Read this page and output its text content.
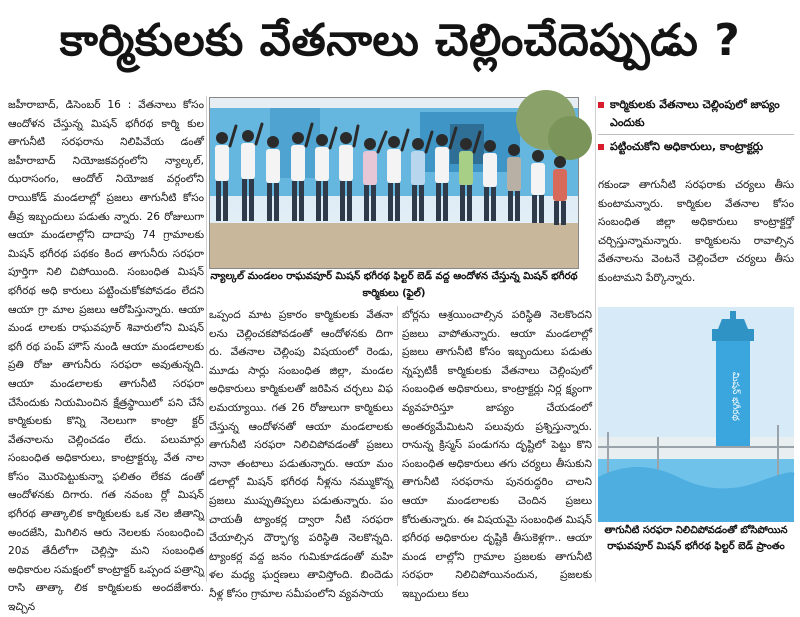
కార్మికులకు వేతనాలు చెల్లించేదెప్పుడు ?
జహీరాబాద్, డిసెంబర్ 16 : వేతనాలు కోసం ఆందోళన చేస్తున్న మిషన్ భగీరథ కార్మి కుల తాగునీటి సరఫరాను నిలిపివేయ డంతో జహీరాబాద్ నియోజకవర్గంలోని న్యాల్కల్, ఝరాసంగం, ఆందోల్ నియోజక వర్గంలోని రాయికోడ్ మండలాల్లో ప్రజలు తాగునీటి కోసం తీవ్ర ఇబ్బందులు పడుతు న్నారు. 26 రోజులుగా ఆయా మండలాల్లోని దాదాపు 74 గ్రామాలకు మిషన్ భగీరథ పథకం కింద తాగునీరు సరఫరా పూర్తిగా నిలి చిపోయింది. సంబంధిత మిషన్ భగీరథ అధి కారులు పట్టించుకోకపోవడం లేదని ఆయా గ్రా మాల ప్రజలు ఆరోపిస్తున్నారు. ఆయా మండ లాలకు రాఘవపూర్ శివారులోని మిషన్ భగీ రథ పంప్ హౌస్ నుండి ఆయా మండలాలకు ప్రతి రోజు తాగునీరు సరఫరా అవుతున్నది. ఆయా మండలాలకు తాగునీటి సరఫరా చేసేందుకు నియమించిన క్షేత్రస్థాయిలో పని చేసే కార్మికులకు కొన్ని నెలలుగా కాంట్రా క్టర్ వేతనాలను చెల్లించడం లేదు. పలుమార్లు సంబంధిత అధికారులు, కాంట్రాక్టర్కు వేత నాల కోసం మొరపెట్టుకున్నా ఫలితం లేకవ డంతో ఆందోళనకు దిగారు. గత నవంబ ర్లో మిషన్ భగీరథ తాత్కాలిక కార్మికులకు ఒక నెల జీతాన్ని అందజేసి, మిగిలిన ఆరు నెలలకు సంబంధించి 20వ తేదీలోగా చెల్లిస్తా మని సంబంధిత అధికారుల సమక్షంలో కాంట్రాక్టర్ ఒప్పంద పత్రాన్ని రాసి తాత్కా లిక కార్మికులకు అందజేశారు. ఇచ్చిన
న్యాల్కల్ మండలం రాఘవపూర్ మిషన్ భగీరథ ఫిల్టర్ బెడ్ వద్ద ఆందోళన చేస్తున్న మిషన్ భగీరథ కార్మికులు (ఫైల్)
ఒప్పంద మాట ప్రకారం కార్మికులకు వేతనా లను చెల్లించకపోవడంతో ఆందోళనకు దిగా రు. వేతనాల చెల్లింపు విషయంలో రెండు, మూడు సార్లు సంబంధిత జిల్లా, మండల అధికారులు కార్మికులతో జరిపిన చర్చలు విఫ లమయ్యాయి. గత 26 రోజులుగా కార్మికులు చేస్తున్న ఆందోళనతో ఆయా మండలాలకు తాగునీటి సరఫరా నిలిచిపోవడంతో ప్రజలు నానా తంటాలు పడుతున్నారు. ఆయా మం డలాల్లో మిషన్ భగీరథ నీళ్లను నమ్ముకొన్న ప్రజలు ముప్పుతిప్పలు పడుతున్నారు. పం చాయతీ ట్యాంకర్ల ద్వారా నీటి సరఫరా చేయాల్సిన దౌర్భాగ్య పరిస్థితి నెలకొన్నది. ట్యాంకర్ల వద్ద జనం గుమికూడడంతో మహి ళల మధ్య ఘర్షణలు తావిస్తోంది. బిందెడు నీళ్ల కోసం గ్రామాల సమీపంలోని వ్యవసాయ
బోర్లను ఆశ్రయించాల్సిన పరిస్థితి నెలకొందని ప్రజలు వాపోతున్నారు. ఆయా మండలాల్లో ప్రజలు తాగునీటి కోసం ఇబ్బందులు పడుతు న్నప్పటికీ కార్మికులకు వేతనాలు చెల్లింపులో సంబంధిత అధికారులు, కాంట్రాక్టర్లు నిర్ల క్ష్యంగా వ్యవహరిస్తూ జాప్యం చేయడంలో అంతర్యమేమిటని పలువురు ప్రశ్నిస్తున్నారు. రానున్న క్రిస్మస్ పండుగను దృష్టిలో పెట్టు కొని సంబంధిత అధికారులు తగు చర్యలు తీసుకుని తాగునీటి సరఫరాను పునరుద్ధరిం చాలని ఆయా మండలాలకు చెందిన ప్రజలు కోరుతున్నారు. ఈ విషయమై సంబంధిత మిషన్ భగీరథ అధికారుల దృష్టికి తీసుకెళ్లగా.. ఆయా మండ లాల్లోని గ్రామాల ప్రజలకు తాగునీటి సరఫరా నిలిచిపోయినందున, ప్రజలకు ఇబ్బందులు కలు
కార్మికులకు వేతనాలు చెల్లింపులో జాప్యం ఎందుకు
పట్టించుకోని అధికారులు, కాంట్రాక్టర్లు
గకుండా తాగునీటి సరఫరాకు చర్యలు తీసు కుంటామన్నారు. కార్మికుల వేతనాల కోసం సంబంధిత జిల్లా అధికారులు కాంట్రాక్టర్తో చర్చిస్తున్నామన్నారు. కార్మికులను రావాల్సిన వేతనాలను వెంటనే చెల్లించేలా చర్యలు తీసు కుంటామని పేర్కొన్నారు.
మిషన్ భగీరథ
తాగునీటి సరఫరా నిలిచిపోవడంతో బోసిపోయిన రాఘవపూర్ మిషన్ భగీరథ ఫిల్టర్ బెడ్ ప్రాంతం
